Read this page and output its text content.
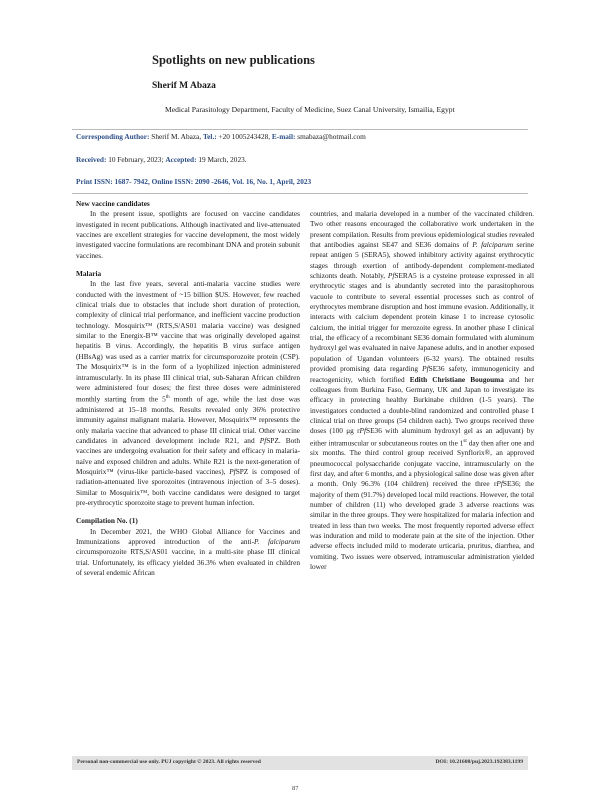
Spotlights on new publications
Sherif M Abaza
Medical Parasitology Department, Faculty of Medicine, Suez Canal University, Ismailia, Egypt
Corresponding Author: Sherif M. Abaza, Tel.: +20 1005243428, E-mail: smabaza@hotmail.com
Received: 10 February, 2023; Accepted: 19 March, 2023.
Print ISSN: 1687- 7942, Online ISSN: 2090 -2646, Vol. 16, No. 1, April, 2023
New vaccine candidates

In the present issue, spotlights are focused on vaccine candidates investigated in recent publications. Although inactivated and live-attenuated vaccines are excellent strategies for vaccine development, the most widely investigated vaccine formulations are recombinant DNA and protein subunit vaccines.

Malaria

In the last five years, several anti-malaria vaccine studies were conducted with the investment of ~15 billion $US. However, few reached clinical trials due to obstacles that include short duration of protection, complexity of clinical trial performance, and inefficient vaccine production technology. Mosquirix™ (RTS,S/AS01 malaria vaccine) was designed similar to the Energix-B™ vaccine that was originally developed against hepatitis B virus. Accordingly, the hepatitis B virus surface antigen (HBsAg) was used as a carrier matrix for circumsporozoite protein (CSP). The Mosquirix™ is in the form of a lyophilized injection administered intramuscularly. In its phase III clinical trial, sub-Saharan African children were administered four doses; the first three doses were administered monthly starting from the 5th month of age, while the last dose was administered at 15–18 months. Results revealed only 36% protective immunity against malignant malaria. However, Mosquirix™ represents the only malaria vaccine that advanced to phase III clinical trial. Other vaccine candidates in advanced development include R21, and PfSPZ. Both vaccines are undergoing evaluation for their safety and efficacy in malaria-naïve and exposed children and adults. While R21 is the next-generation of Mosquirix™ (virus-like particle-based vaccines), PfSPZ is composed of radiation-attenuated live sporozoites (intravenous injection of 3–5 doses). Similar to Mosquirix™, both vaccine candidates were designed to target pre-erythrocytic sporozoite stage to prevent human infection.

Compilation No. (1)

In December 2021, the WHO Global Alliance for Vaccines and Immunizations approved introduction of the anti-P. falciparum circumsporozoite RTS,S/AS01 vaccine, in a multi-site phase III clinical trial. Unfortunately, its efficacy yielded 36.3% when evaluated in children of several endemic African

countries, and malaria developed in a number of the vaccinated children. Two other reasons encouraged the collaborative work undertaken in the present compilation. Results from previous epidemiological studies revealed that antibodies against SE47 and SE36 domains of P. falciparum serine repeat antigen 5 (SERA5), showed inhibitory activity against erythrocytic stages through exertion of antibody-dependent complement-mediated schizonts death. Notably, PfSERA5 is a cysteine protease expressed in all erythrocytic stages and is abundantly secreted into the parasitophorous vacuole to contribute to several essential processes such as control of erythrocytes membrane disruption and host immune evasion. Additionally, it interacts with calcium dependent protein kinase 1 to increase cytosolic calcium, the initial trigger for merozoite egress. In another phase I clinical trial, the efficacy of a recombinant SE36 domain formulated with aluminum hydroxyl gel was evaluated in naive Japanese adults, and in another exposed population of Ugandan volunteers (6-32 years). The obtained results provided promising data regarding PfSE36 safety, immunogenicity and reactogenicity, which fortified Edith Christiane Bougouma and her colleagues from Burkina Faso, Germany, UK and Japan to investigate its efficacy in protecting healthy Burkinabe children (1-5 years). The investigators conducted a double-blind randomized and controlled phase I clinical trial on three groups (54 children each). Two groups received three doses (100 μg rPfSE36 with aluminum hydroxyl gel as an adjuvant) by either intramuscular or subcutaneous routes on the 1st day then after one and six months. The third control group received Synflorix®, an approved pneumococcal polysaccharide conjugate vaccine, intramuscularly on the first day, and after 6 months, and a physiological saline dose was given after a month. Only 96.3% (104 children) received the three rPfSE36; the majority of them (91.7%) developed local mild reactions. However, the total number of children (11) who developed grade 3 adverse reactions was similar in the three groups. They were hospitalized for malaria infection and treated in less than two weeks. The most frequently reported adverse effect was induration and mild to moderate pain at the site of the injection. Other adverse effects included mild to moderate urticaria, pruritus, diarrhea, and vomiting. Two issues were observed, intramuscular administration yielded lower

Personal non-commercial use only. PUJ copyright © 2023. All rights reserved	DOI: 10.21608/puj.2023.192383.1199
87
